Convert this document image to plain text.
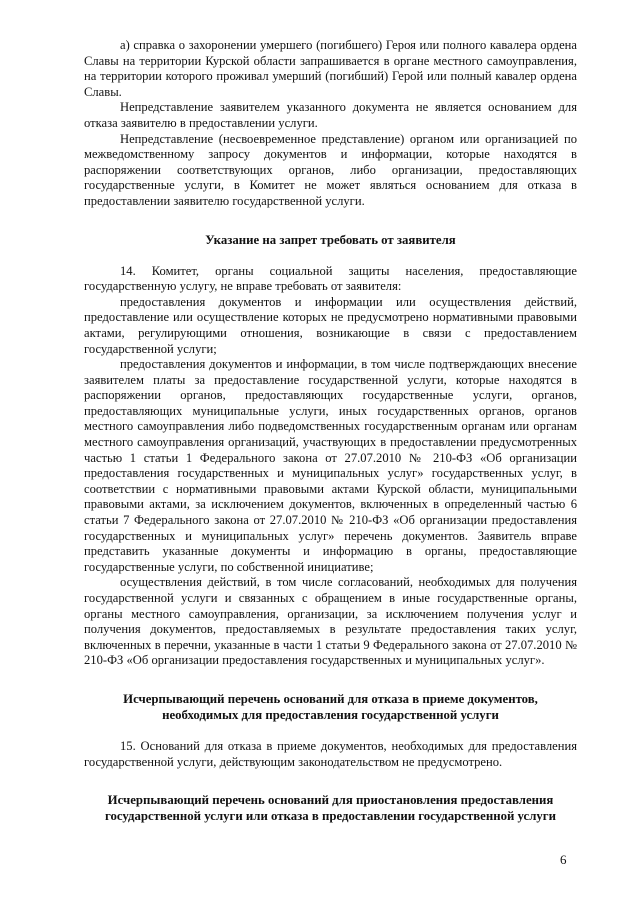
а) справка о захоронении умершего (погибшего) Героя или полного кавалера ордена Славы на территории Курской области запрашивается в органе местного самоуправления, на территории которого проживал умерший (погибший) Герой или полный кавалер ордена Славы.

Непредставление заявителем указанного документа не является основанием для отказа заявителю в предоставлении услуги.

Непредставление (несвоевременное представление) органом или организацией по межведомственному запросу документов и информации, которые находятся в распоряжении соответствующих органов, либо организации, предоставляющих государственные услуги, в Комитет не может являться основанием для отказа в предоставлении заявителю государственной услуги.

Указание на запрет требовать от заявителя

14. Комитет, органы социальной защиты населения, предоставляющие государственную услугу, не вправе требовать от заявителя:

предоставления документов и информации или осуществления действий, предоставление или осуществление которых не предусмотрено нормативными правовыми актами, регулирующими отношения, возникающие в связи с предоставлением государственной услуги;

предоставления документов и информации, в том числе подтверждающих внесение заявителем платы за предоставление государственной услуги, которые находятся в распоряжении органов, предоставляющих государственные услуги, органов, предоставляющих муниципальные услуги, иных государственных органов, органов местного самоуправления либо подведомственных государственным органам или органам местного самоуправления организаций, участвующих в предоставлении предусмотренных частью 1 статьи 1 Федерального закона от 27.07.2010 № 210-ФЗ «Об организации предоставления государственных и муниципальных услуг» государственных услуг, в соответствии с нормативными правовыми актами Курской области, муниципальными правовыми актами, за исключением документов, включенных в определенный частью 6 статьи 7 Федерального закона от 27.07.2010 № 210-ФЗ «Об организации предоставления государственных и муниципальных услуг» перечень документов. Заявитель вправе представить указанные документы и информацию в органы, предоставляющие государственные услуги, по собственной инициативе;

осуществления действий, в том числе согласований, необходимых для получения государственной услуги и связанных с обращением в иные государственные органы, органы местного самоуправления, организации, за исключением получения услуг и получения документов, предоставляемых в результате предоставления таких услуг, включенных в перечни, указанные в части 1 статьи 9 Федерального закона от 27.07.2010 № 210-ФЗ «Об организации предоставления государственных и муниципальных услуг».

Исчерпывающий перечень оснований для отказа в приеме документов, необходимых для предоставления государственной услуги

15. Оснований для отказа в приеме документов, необходимых для предоставления государственной услуги, действующим законодательством не предусмотрено.

Исчерпывающий перечень оснований для приостановления предоставления государственной услуги или отказа в предоставлении государственной услуги

6
